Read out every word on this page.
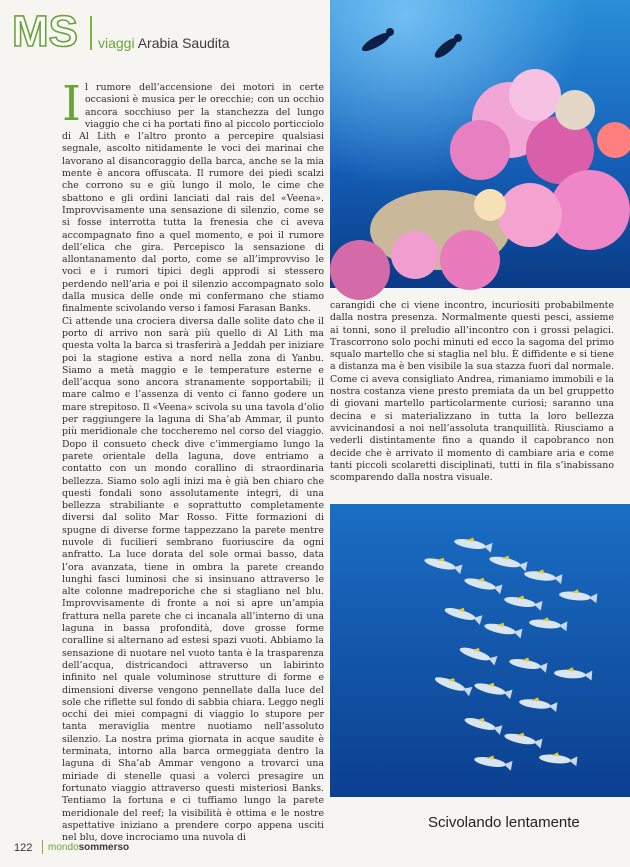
MS viaggi Arabia Saudita

Il rumore dell’accensione dei motori in certe occasioni è musica per le orecchie; con un occhio ancora socchiuso per la stanchezza del lungo viaggio che ci ha portati fino al piccolo porticciolo di Al Lith e l’altro pronto a percepire qualsiasi segnale, ascolto nitidamente le voci dei marinai che lavorano al disancoraggio della barca, anche se la mia mente è ancora offuscata. Il rumore dei piedi scalzi che corrono su e giù lungo il molo, le cime che sbattono e gli ordini lanciati dal rais del «Veena». Improvvisamente una sensazione di silenzio, come se si fosse interrotta tutta la frenesia che ci aveva accompagnato fino a quel momento, e poi il rumore dell’elica che gira. Percepisco la sensazione di allontanamento dal porto, come se all’improvviso le voci e i rumori tipici degli approdi si stessero perdendo nell’aria e poi il silenzio accompagnato solo dalla musica delle onde mi confermano che stiamo finalmente scivolando verso i famosi Farasan Banks.

Ci attende una crociera diversa dalle solite dato che il porto di arrivo non sarà più quello di Al Lith ma questa volta la barca si trasferirà a Jeddah per iniziare poi la stagione estiva a nord nella zona di Yanbu. Siamo a metà maggio e le temperature esterne e dell’acqua sono ancora stranamente sopportabili; il mare calmo e l’assenza di vento ci fanno godere un mare strepitoso. Il «Veena» scivola su una tavola d’olio per raggiungere la laguna di Sha’ab Ammar, il punto più meridionale che toccheremo nel corso del viaggio. Dopo il consueto check dive c’immergiamo lungo la parete orientale della laguna, dove entriamo a contatto con un mondo corallino di straordinaria bellezza. Siamo solo agli inizi ma è già ben chiaro che questi fondali sono assolutamente integri, di una bellezza strabiliante e soprattutto completamente diversi dal solito Mar Rosso. Fitte formazioni di spugne di diverse forme tappezzano la parete mentre nuvole di fucilieri sembrano fuoriuscire da ogni anfratto. La luce dorata del sole ormai basso, data l’ora avanzata, tiene in ombra la parete creando lunghi fasci luminosi che si insinuano attraverso le alte colonne madreporiche che si stagliano nel blu. Improvvisamente di fronte a noi si apre un’ampia frattura nella parete che ci incanala all’interno di una laguna in bassa profondità, dove grosse forme coralline si alternano ad estesi spazi vuoti. Abbiamo la sensazione di nuotare nel vuoto tanta è la trasparenza dell’acqua, districandoci attraverso un labirinto infinito nel quale voluminose strutture di forme e dimensioni diverse vengono pennellate dalla luce del sole che riflette sul fondo di sabbia chiara. Leggo negli occhi dei miei compagni di viaggio lo stupore per tanta meraviglia mentre nuotiamo nell’assoluto silenzio. La nostra prima giornata in acque saudite è terminata, intorno alla barca ormeggiata dentro la laguna di Sha’ab Ammar vengono a trovarci una miriade di stenelle quasi a volerci presagire un fortunato viaggio attraverso questi misteriosi Banks. Tentiamo la fortuna e ci tuffiamo lungo la parete meridionale del reef; la visibilità è ottima e le nostre aspettative iniziano a prendere corpo appena usciti nel blu, dove incrociamo una nuvola di

carangidi che ci viene incontro, incuriositi probabilmente dalla nostra presenza. Normalmente questi pesci, assieme ai tonni, sono il preludio all’incontro con i grossi pelagici. Trascorrono solo pochi minuti ed ecco la sagoma del primo squalo martello che si staglia nel blu. È diffidente e si tiene a distanza ma è ben visibile la sua stazza fuori dal normale. Come ci aveva consigliato Andrea, rimaniamo immobili e la nostra costanza viene presto premiata da un bel gruppetto di giovani martello particolarmente curiosi; saranno una decina e si materializzano in tutta la loro bellezza avvicinandosi a noi nell’assoluta tranquillità. Riusciamo a vederli distintamente fino a quando il capobranco non decide che è arrivato il momento di cambiare aria e come tanti piccoli scolaretti disciplinati, tutti in fila s’inabissano scomparendo dalla nostra visuale.

Scivolando lentamente
122 mondosommerso
